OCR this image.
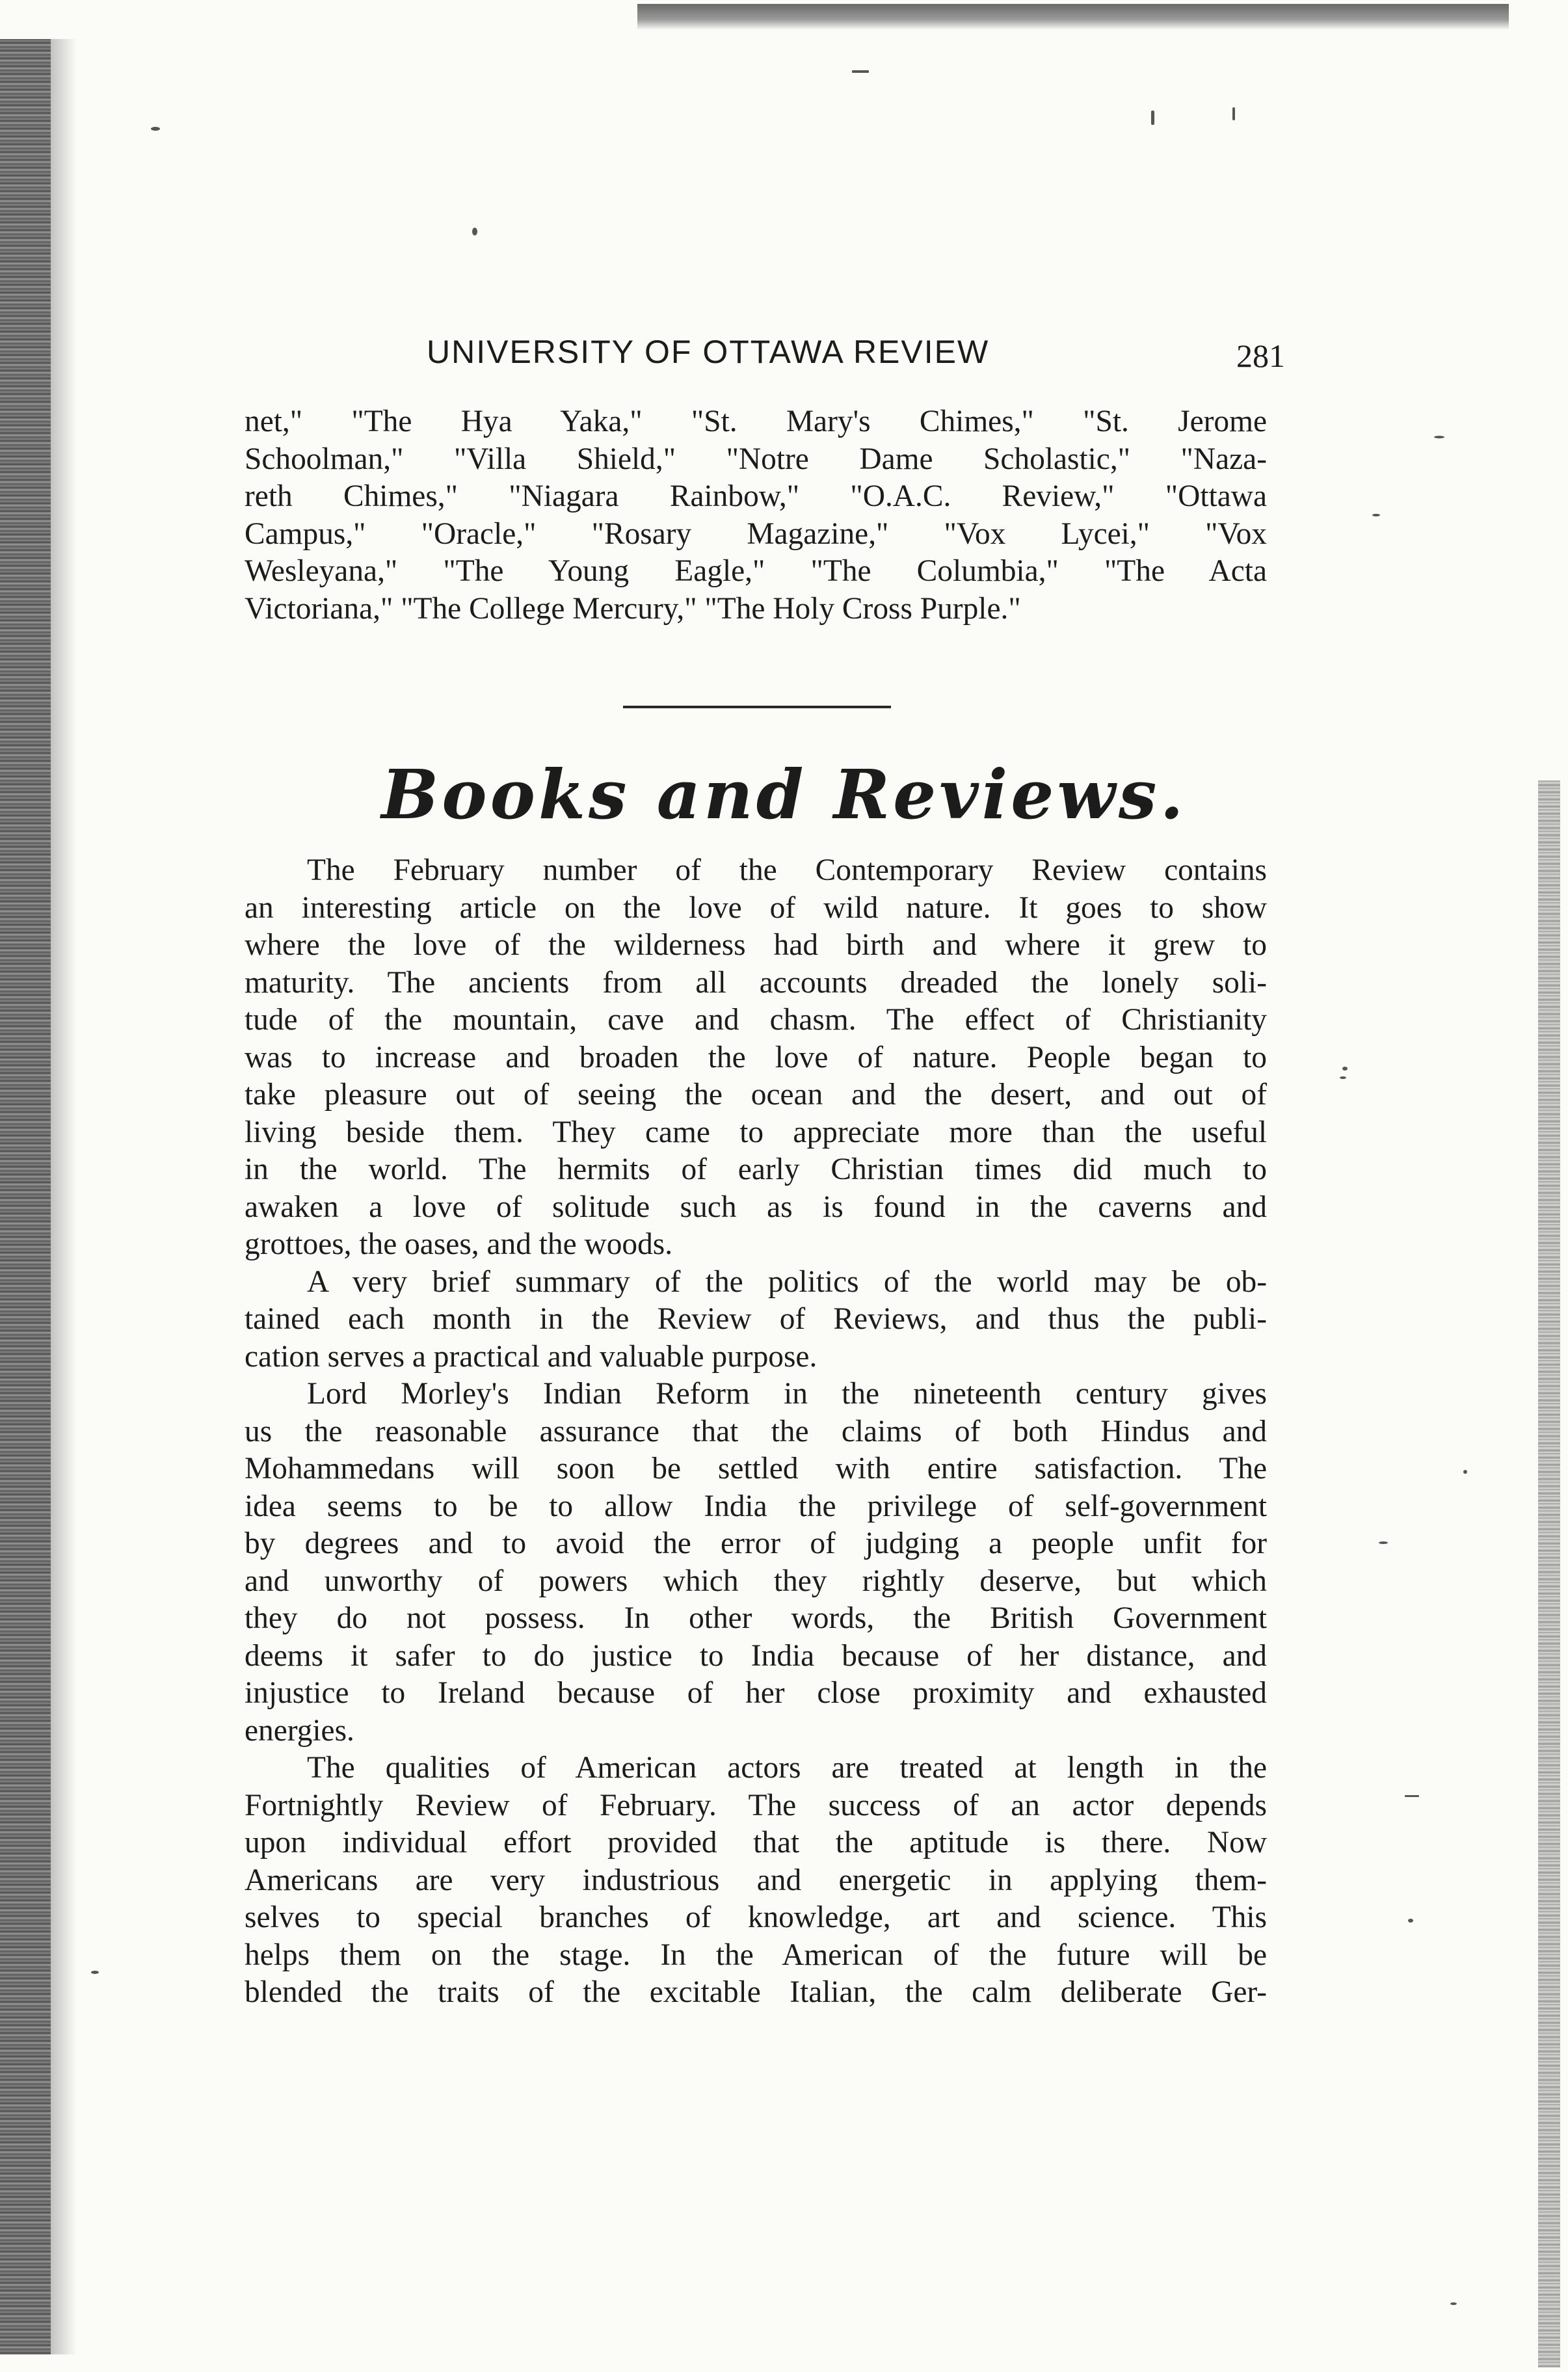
UNIVERSITY OF OTTAWA REVIEW	281

net," "The Hya Yaka," "St. Mary's Chimes," "St. Jerome

Schoolman," "Villa Shield," "Notre Dame Scholastic," "Naza-

reth Chimes," "Niagara Rainbow," "O.A.C. Review," "Ottawa

Campus," "Oracle," "Rosary Magazine," "Vox Lycei," "Vox

Wesleyana," "The Young Eagle," "The Columbia," "The Acta

Victoriana," "The College Mercury," "The Holy Cross Purple."

Books and Reviews.

The February number of the Contemporary Review contains

an interesting article on the love of wild nature. It goes to show

where the love of the wilderness had birth and where it grew to

maturity. The ancients from all accounts dreaded the lonely soli-

tude of the mountain, cave and chasm. The effect of Christianity

was to increase and broaden the love of nature. People began to

take pleasure out of seeing the ocean and the desert, and out of

living beside them. They came to appreciate more than the useful

in the world. The hermits of early Christian times did much to

awaken a love of solitude such as is found in the caverns and

grottoes, the oases, and the woods.

A very brief summary of the politics of the world may be ob-

tained each month in the Review of Reviews, and thus the publi-

cation serves a practical and valuable purpose.

Lord Morley's Indian Reform in the nineteenth century gives

us the reasonable assurance that the claims of both Hindus and

Mohammedans will soon be settled with entire satisfaction. The

idea seems to be to allow India the privilege of self-government

by degrees and to avoid the error of judging a people unfit for

and unworthy of powers which they rightly deserve, but which

they do not possess. In other words, the British Government

deems it safer to do justice to India because of her distance, and

injustice to Ireland because of her close proximity and exhausted

energies.

The qualities of American actors are treated at length in the

Fortnightly Review of February. The success of an actor depends

upon individual effort provided that the aptitude is there. Now

Americans are very industrious and energetic in applying them-

selves to special branches of knowledge, art and science. This

helps them on the stage. In the American of the future will be

blended the traits of the excitable Italian, the calm deliberate Ger-
